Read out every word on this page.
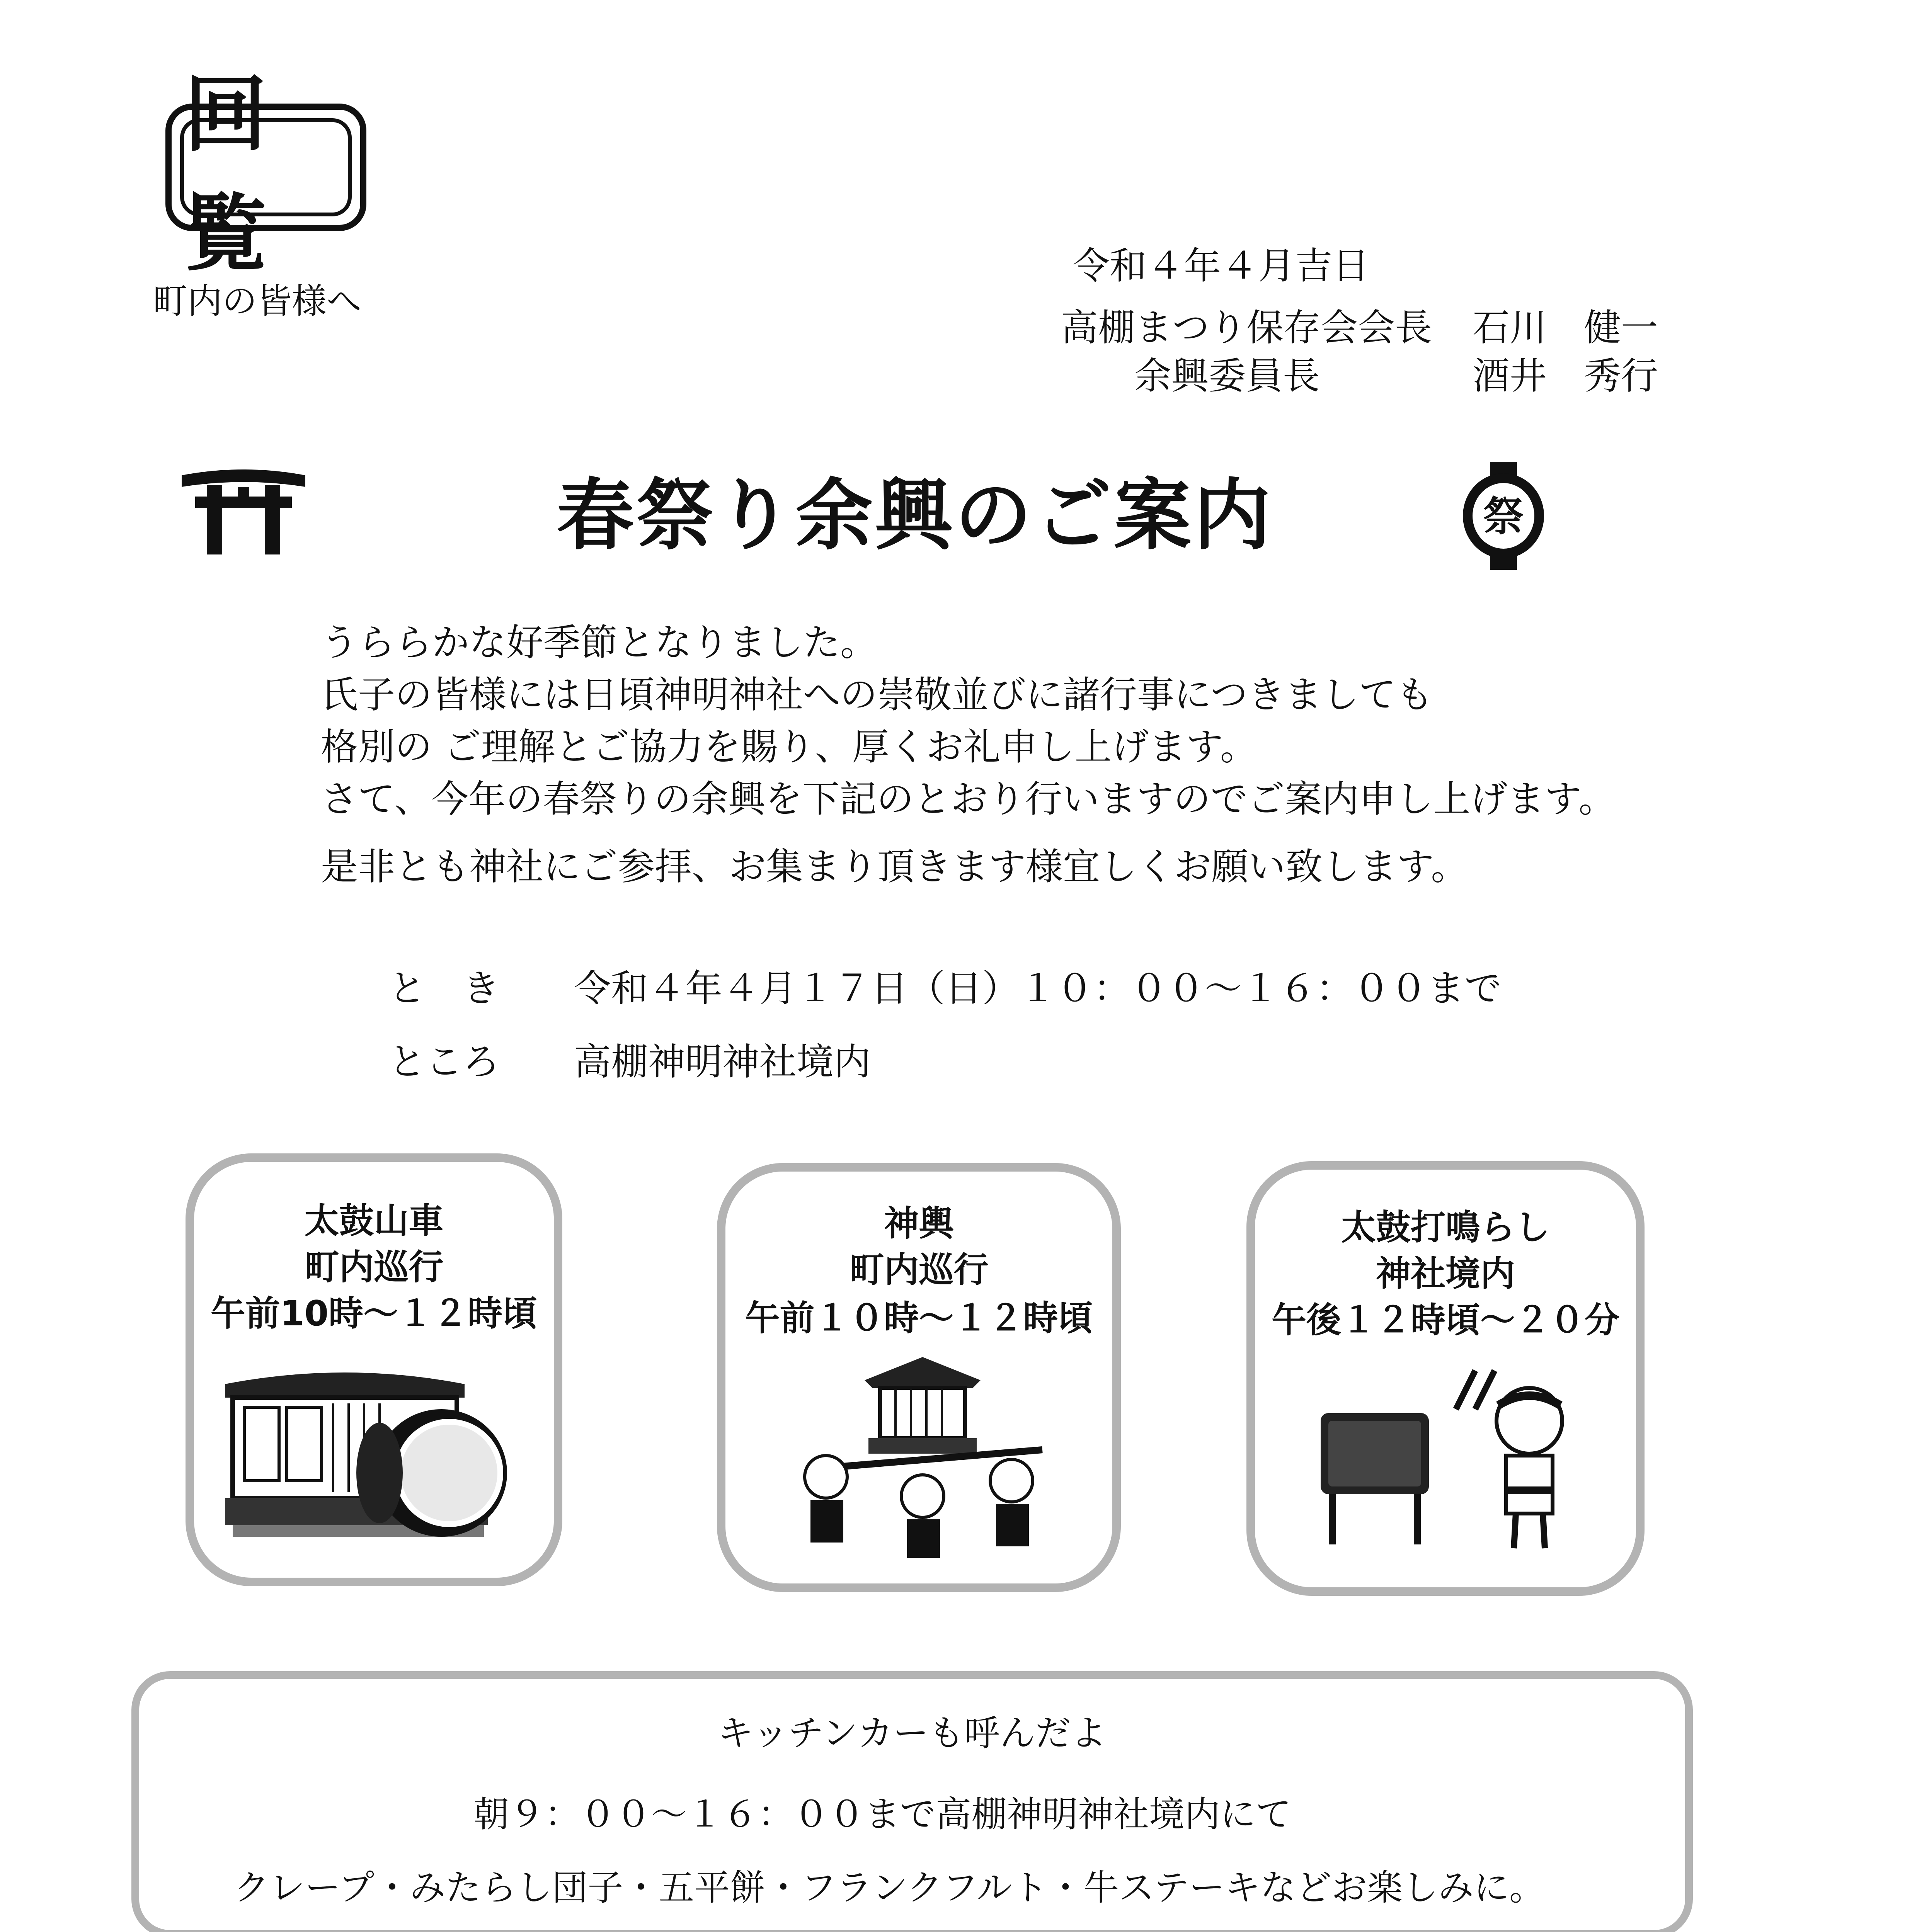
回覧
町内の皆様へ
令和４年４月吉日
高棚まつり保存会会長 石川　健一
余興委員長	酒井　秀行
春祭り余興のご案内	祭
うららかな好季節となりました。
氏子の皆様には日頃神明神社への崇敬並びに諸行事につきましても
格別の ご理解とご協力を賜り、厚くお礼申し上げます。
さて、今年の春祭りの余興を下記のとおり行いますのでご案内申し上げます。
是非とも神社にご参拝、お集まり頂きます様宜しくお願い致します。
と　き 令和４年４月１７日（日）１０：００〜１６：００まで
ところ 高棚神明神社境内
太鼓山車
町内巡行
午前10時〜１２時頃
神輿
町内巡行
午前１０時〜１２時頃
太鼓打鳴らし
神社境内
午後１２時頃〜２０分
キッチンカーも呼んだよ
朝９：００〜１６：００まで高棚神明神社境内にて
クレープ・みたらし団子・五平餅・フランクフルト・牛ステーキなどお楽しみに。
